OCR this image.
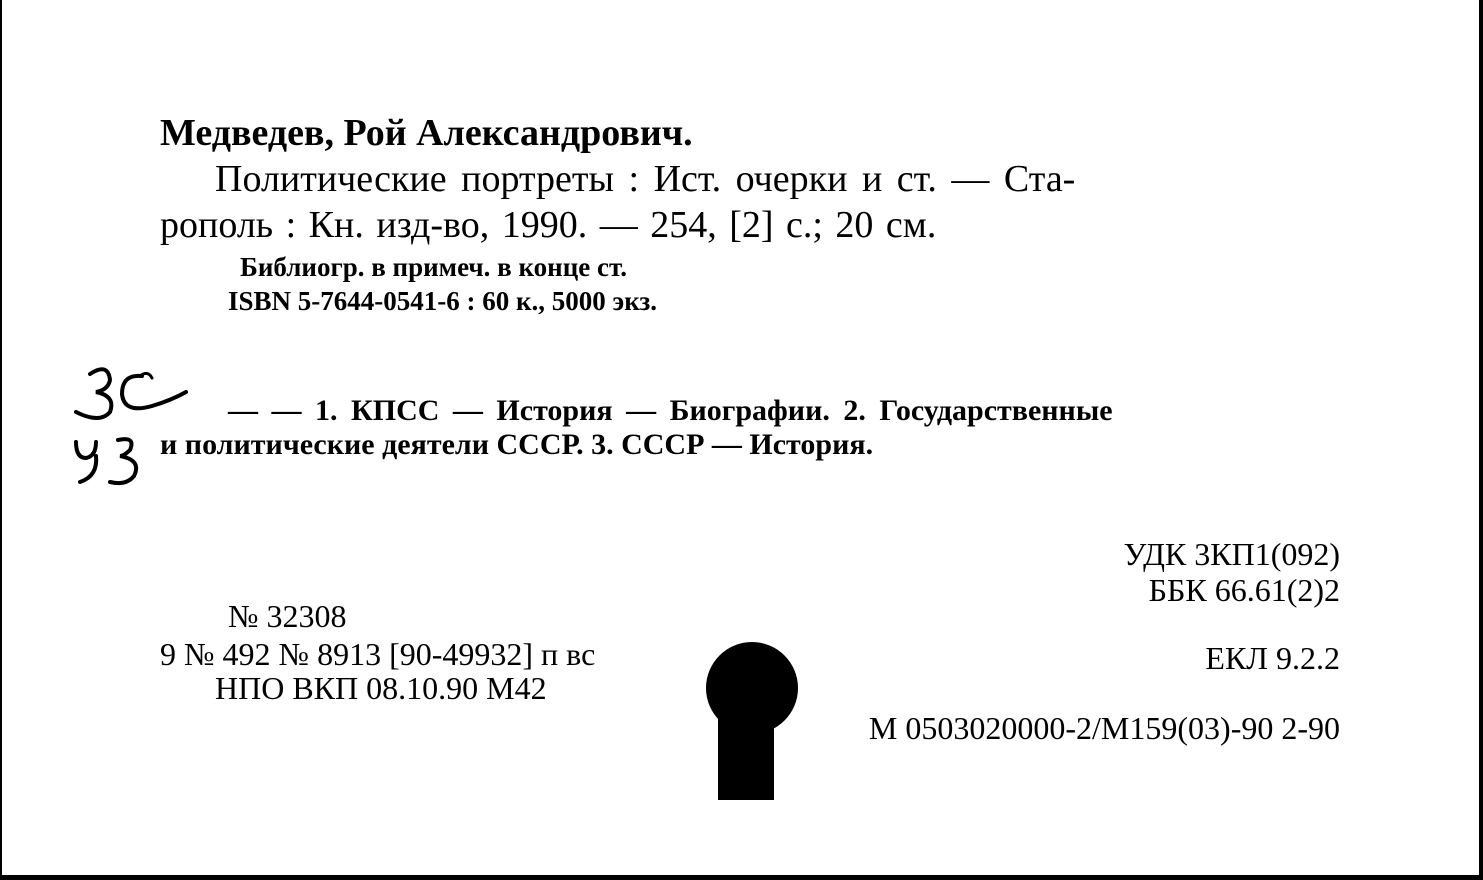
Медведев, Рой Александрович.
Политические портреты : Ист. очерки и ст. — Ста-
рополь : Кн. изд-во, 1990. — 254, [2] с.; 20 см.
Библиогр. в примеч. в конце ст.
ISBN 5-7644-0541-6 : 60 к., 5000 экз.
— — 1. КПСС — История — Биографии. 2. Государственные
и политические деятели СССР. 3. СССР — История.
УДК 3КП1(092)
ББК 66.61(2)2
№ 32308
9 № 492 № 8913 [90-49932] п вс
НПО ВКП 08.10.90 М42
ЕКЛ 9.2.2
М 0503020000-2/М159(03)-90 2-90
